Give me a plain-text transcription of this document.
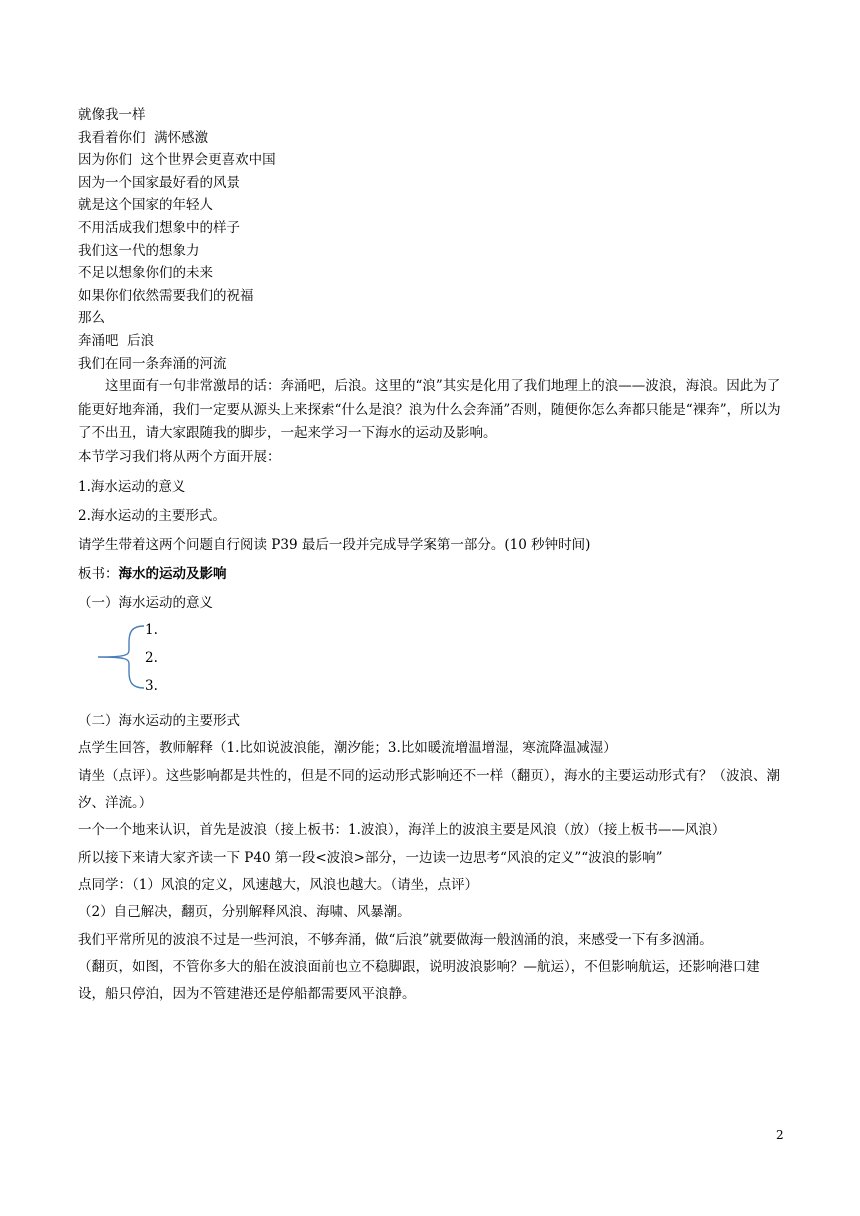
就像我一样
我看着你们  满怀感激
因为你们  这个世界会更喜欢中国
因为一个国家最好看的风景
就是这个国家的年轻人
不用活成我们想象中的样子
我们这一代的想象力
不足以想象你们的未来
如果你们依然需要我们的祝福
那么
奔涌吧  后浪
我们在同一条奔涌的河流

这里面有一句非常激昂的话：奔涌吧，后浪。这里的“浪”其实是化用了我们地理上的浪——波浪，海浪。因此为了能更好地奔涌，我们一定要从源头上来探索“什么是浪？浪为什么会奔涌”否则，随便你怎么奔都只能是“裸奔”，所以为了不出丑，请大家跟随我的脚步，一起来学习一下海水的运动及影响。

本节学习我们将从两个方面开展：

1.海水运动的意义

2.海水运动的主要形式。

请学生带着这两个问题自行阅读 P39 最后一段并完成导学案第一部分。(10 秒钟时间)

板书：海水的运动及影响

（一）海水运动的意义

1.
2.
3.

（二）海水运动的主要形式

点学生回答，教师解释（1.比如说波浪能，潮汐能；3.比如暖流增温增湿，寒流降温减湿）

请坐（点评）。这些影响都是共性的，但是不同的运动形式影响还不一样（翻页），海水的主要运动形式有？（波浪、潮汐、洋流。）

一个一个地来认识，首先是波浪（接上板书：1.波浪），海洋上的波浪主要是风浪（放）（接上板书——风浪）

所以接下来请大家齐读一下 P40 第一段<波浪>部分，一边读一边思考“风浪的定义”“波浪的影响”

点同学：（1）风浪的定义，风速越大，风浪也越大。（请坐，点评）

（2）自己解决，翻页，分别解释风浪、海啸、风暴潮。

我们平常所见的波浪不过是一些河浪，不够奔涌，做“后浪”就要做海一般汹涌的浪，来感受一下有多汹涌。

（翻页，如图，不管你多大的船在波浪面前也立不稳脚跟，说明波浪影响？—航运），不但影响航运，还影响港口建设，船只停泊，因为不管建港还是停船都需要风平浪静。

2
